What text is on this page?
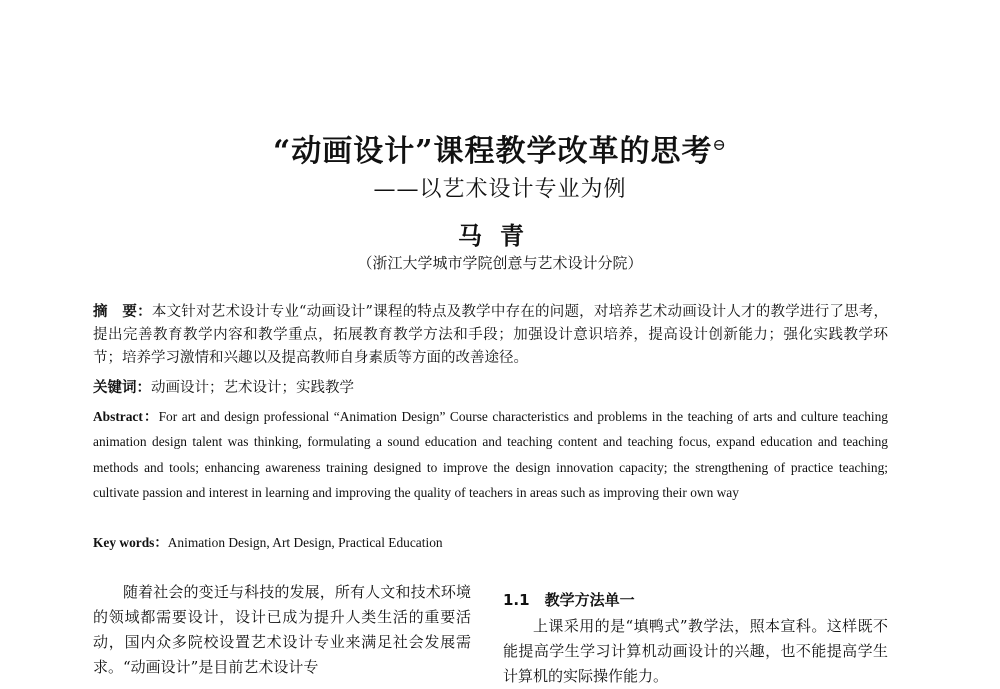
“动画设计”课程教学改革的思考⊖
——以艺术设计专业为例
马青
（浙江大学城市学院创意与艺术设计分院）
摘　要：本文针对艺术设计专业“动画设计”课程的特点及教学中存在的问题，对培养艺术动画设计人才的教学进行了思考，提出完善教育教学内容和教学重点，拓展教育教学方法和手段；加强设计意识培养，提高设计创新能力；强化实践教学环节；培养学习激情和兴趣以及提高教师自身素质等方面的改善途径。
关键词：动画设计；艺术设计；实践教学
Abstract：For art and design professional “Animation Design” Course characteristics and problems in the teaching of arts and culture teaching animation design talent was thinking, formulating a sound education and teaching content and teaching focus, expand education and teaching methods and tools; enhancing awareness training designed to improve the design innovation capacity; the strengthening of practice teaching; cultivate passion and interest in learning and improving the quality of teachers in areas such as improving their own way
Key words：Animation Design, Art Design, Practical Education
随着社会的变迁与科技的发展，所有人文和技术环境的领域都需要设计，设计已成为提升人类生活的重要活动，国内众多院校设置艺术设计专业来满足社会发展需求。“动画设计”是目前艺术设计专
1.1　教学方法单一
上课采用的是“填鸭式”教学法，照本宣科。这样既不能提高学生学习计算机动画设计的兴趣，也不能提高学生计算机的实际操作能力。
